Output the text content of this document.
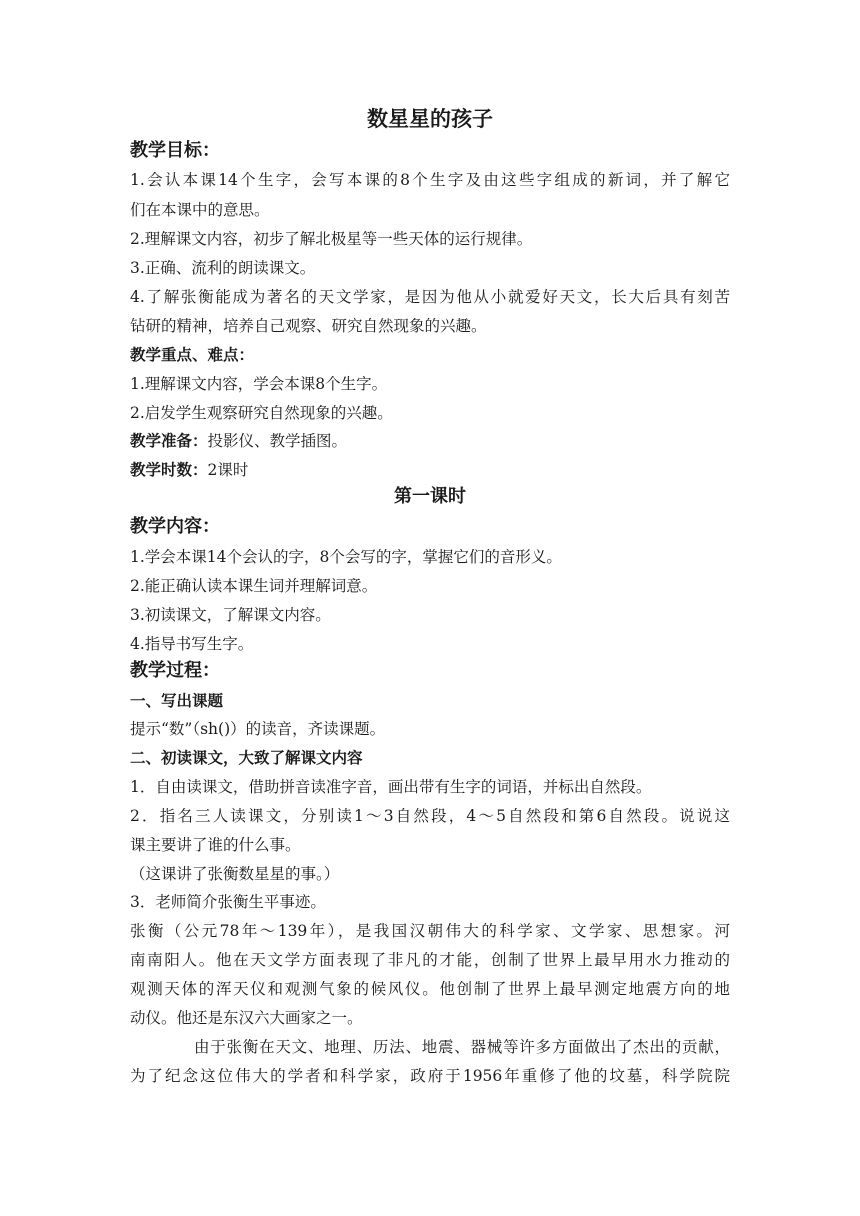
数星星的孩子
教学目标：
1.会认本课14个生字，会写本课的8个生字及由这些字组成的新词，并了解它
们在本课中的意思。
2.理解课文内容，初步了解北极星等一些天体的运行规律。
3.正确、流利的朗读课文。
4.了解张衡能成为著名的天文学家，是因为他从小就爱好天文，长大后具有刻苦
钻研的精神，培养自己观察、研究自然现象的兴趣。
教学重点、难点：
1.理解课文内容，学会本课8个生字。
2.启发学生观察研究自然现象的兴趣。
教学准备：投影仪、教学插图。
教学时数：2课时
第一课时
教学内容：
1.学会本课14个会认的字，8个会写的字，掌握它们的音形义。
2.能正确认读本课生词并理解词意。
3.初读课文，了解课文内容。
4.指导书写生字。
教学过程：
一、写出课题
提示“数”（sh()）的读音，齐读课题。
二、初读课文，大致了解课文内容
1．自由读课文，借助拼音读准字音，画出带有生字的词语，并标出自然段。
2．指名三人读课文，分别读1～3自然段，4～5自然段和第6自然段。说说这
课主要讲了谁的什么事。
（这课讲了张衡数星星的事。）
3．老师简介张衡生平事迹。
张衡（公元78年～139年），是我国汉朝伟大的科学家、文学家、思想家。河
南南阳人。他在天文学方面表现了非凡的才能，创制了世界上最早用水力推动的
观测天体的浑天仪和观测气象的候风仪。他创制了世界上最早测定地震方向的地
动仪。他还是东汉六大画家之一。
由于张衡在天文、地理、历法、地震、器械等许多方面做出了杰出的贡献，
为了纪念这位伟大的学者和科学家，政府于1956年重修了他的坟墓，科学院院
